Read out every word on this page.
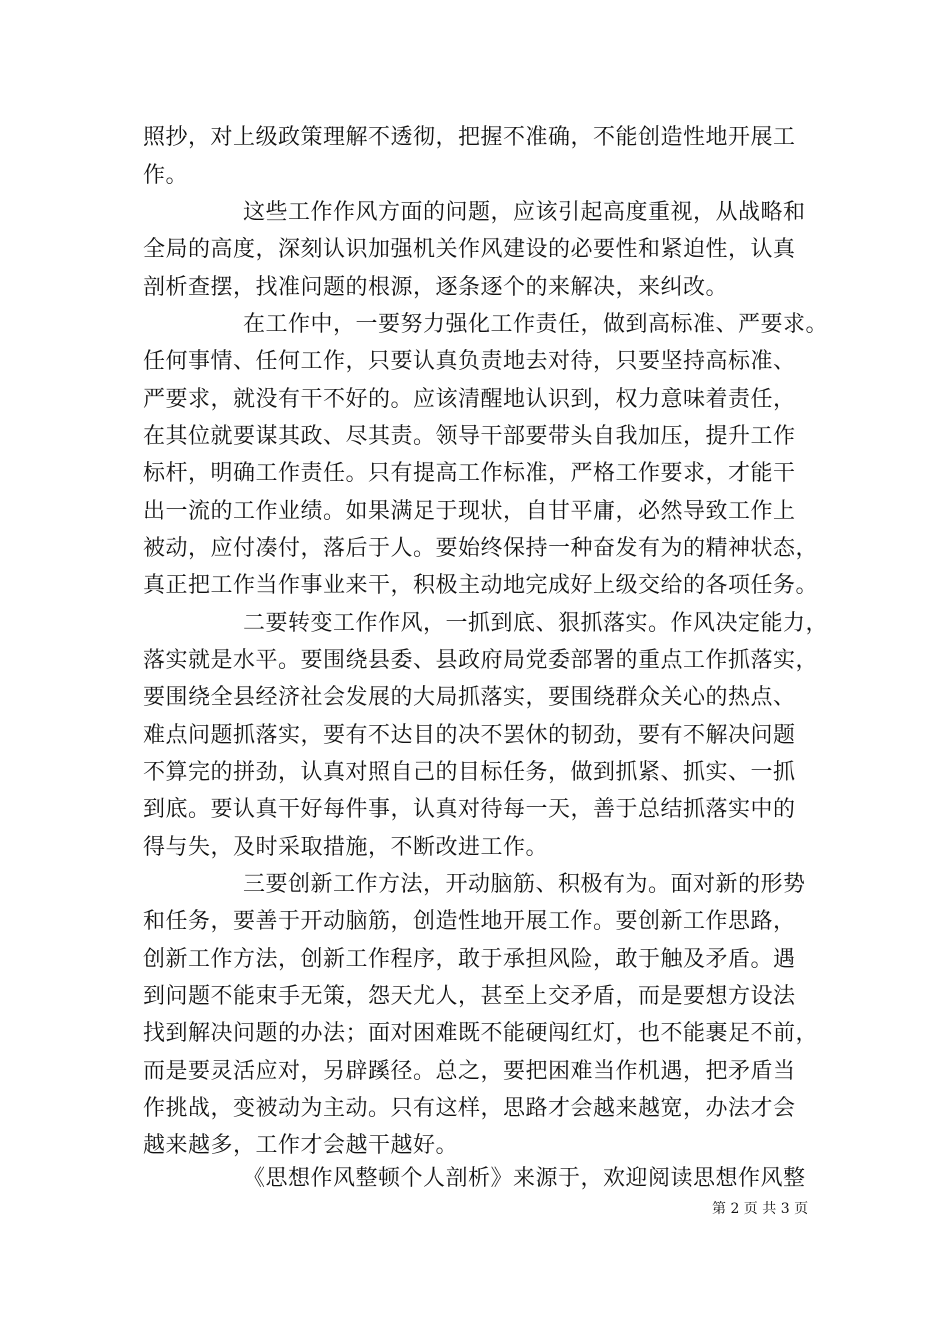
照抄，对上级政策理解不透彻，把握不准确，不能创造性地开展工
作。
这些工作作风方面的问题，应该引起高度重视，从战略和
全局的高度，深刻认识加强机关作风建设的必要性和紧迫性，认真
剖析查摆，找准问题的根源，逐条逐个的来解决，来纠改。
在工作中，一要努力强化工作责任，做到高标准、严要求。
任何事情、任何工作，只要认真负责地去对待，只要坚持高标准、
严要求，就没有干不好的。应该清醒地认识到，权力意味着责任，
在其位就要谋其政、尽其责。领导干部要带头自我加压，提升工作
标杆，明确工作责任。只有提高工作标准，严格工作要求，才能干
出一流的工作业绩。如果满足于现状，自甘平庸，必然导致工作上
被动，应付凑付，落后于人。要始终保持一种奋发有为的精神状态，
真正把工作当作事业来干，积极主动地完成好上级交给的各项任务。
二要转变工作作风，一抓到底、狠抓落实。作风决定能力，
落实就是水平。要围绕县委、县政府局党委部署的重点工作抓落实，
要围绕全县经济社会发展的大局抓落实，要围绕群众关心的热点、
难点问题抓落实，要有不达目的决不罢休的韧劲，要有不解决问题
不算完的拼劲，认真对照自己的目标任务，做到抓紧、抓实、一抓
到底。要认真干好每件事，认真对待每一天，善于总结抓落实中的
得与失，及时采取措施，不断改进工作。
三要创新工作方法，开动脑筋、积极有为。面对新的形势
和任务，要善于开动脑筋，创造性地开展工作。要创新工作思路，
创新工作方法，创新工作程序，敢于承担风险，敢于触及矛盾。遇
到问题不能束手无策，怨天尤人，甚至上交矛盾，而是要想方设法
找到解决问题的办法；面对困难既不能硬闯红灯，也不能裹足不前，
而是要灵活应对，另辟蹊径。总之，要把困难当作机遇，把矛盾当
作挑战，变被动为主动。只有这样，思路才会越来越宽，办法才会
越来越多，工作才会越干越好。
《思想作风整顿个人剖析》来源于，欢迎阅读思想作风整
第 2 页 共 3 页
